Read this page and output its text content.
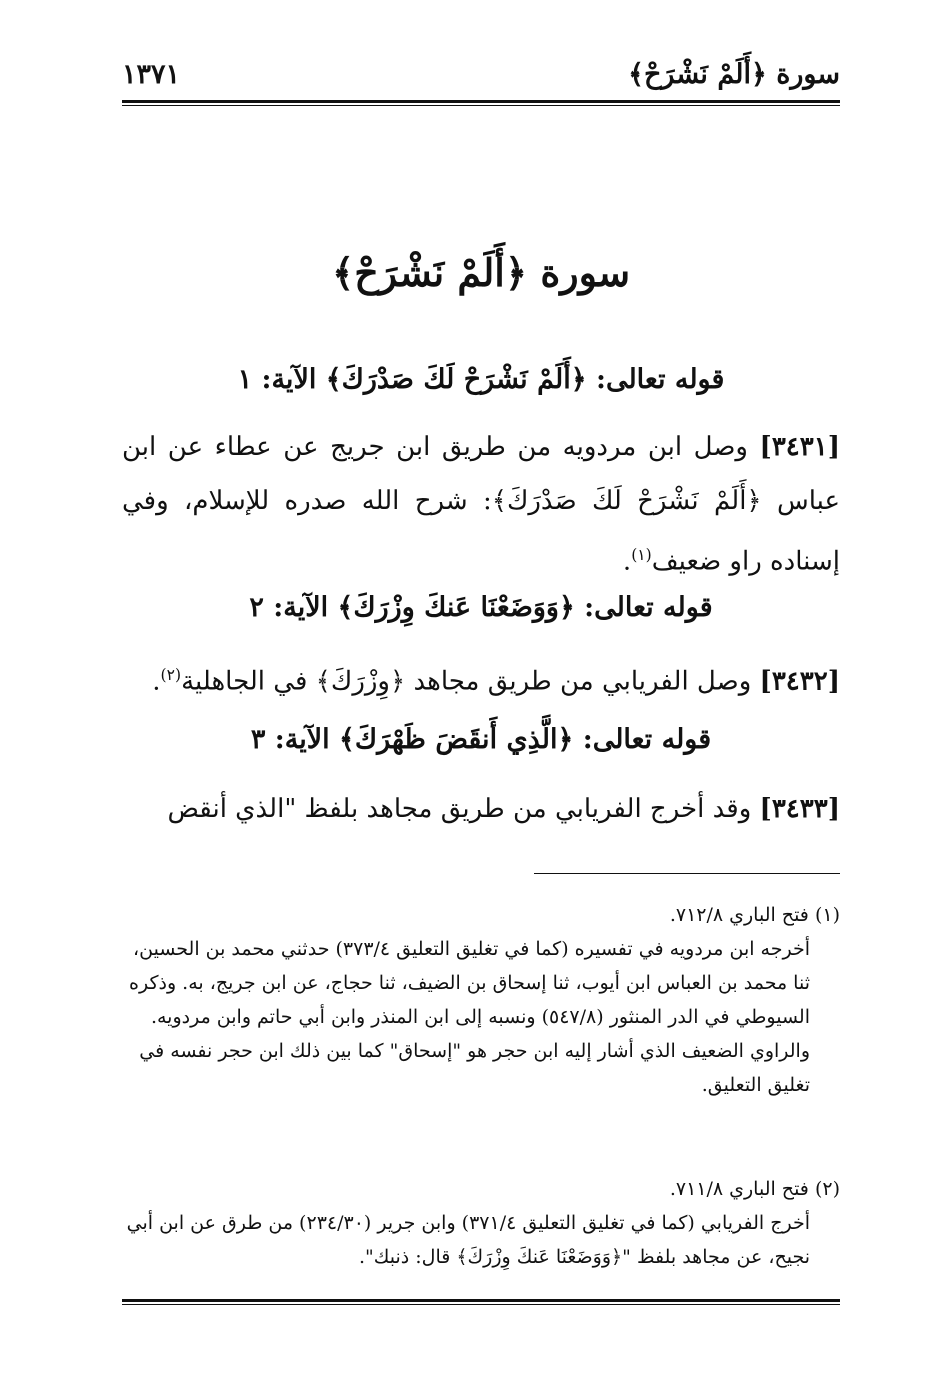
سورة ﴿أَلَمْ نَشْرَحْ﴾
١٣٧١
سورة ﴿أَلَمْ نَشْرَحْ﴾
قوله تعالى: ﴿أَلَمْ نَشْرَحْ لَكَ صَدْرَكَ﴾ الآية: ١
[٣٤٣١] وصل ابن مردويه من طريق ابن جريج عن عطاء عن ابن عباس ﴿أَلَمْ نَشْرَحْ لَكَ صَدْرَكَ﴾: شرح الله صدره للإسلام، وفي إسناده راو ضعيف$^{(١)}$.
قوله تعالى: ﴿وَوَضَعْنَا عَنكَ وِزْرَكَ﴾ الآية: ٢
[٣٤٣٢] وصل الفريابي من طريق مجاهد ﴿وِزْرَكَ﴾ في الجاهلية$^{(٢)}$.
قوله تعالى: ﴿الَّذِي أَنقَضَ ظَهْرَكَ﴾ الآية: ٣
[٣٤٣٣] وقد أخرج الفريابي من طريق مجاهد بلفظ "الذي أنقض
(١) فتح الباري ٧١٢/٨.
أخرجه ابن مردويه في تفسيره (كما في تغليق التعليق ٣٧٣/٤) حدثني محمد بن الحسين، ثنا محمد بن العباس ابن أيوب، ثنا إسحاق بن الضيف، ثنا حجاج، عن ابن جريج، به. وذكره السيوطي في الدر المنثور (٥٤٧/٨) ونسبه إلى ابن المنذر وابن أبي حاتم وابن مردويه.
والراوي الضعيف الذي أشار إليه ابن حجر هو "إسحاق" كما بين ذلك ابن حجر نفسه في تغليق التعليق.
(٢) فتح الباري ٧١١/٨.
أخرج الفريابي (كما في تغليق التعليق ٣٧١/٤) وابن جرير (٢٣٤/٣٠) من طرق عن ابن أبي نجيح، عن مجاهد بلفظ "﴿وَوَضَعْنَا عَنكَ وِزْرَكَ﴾ قال: ذنبك".
